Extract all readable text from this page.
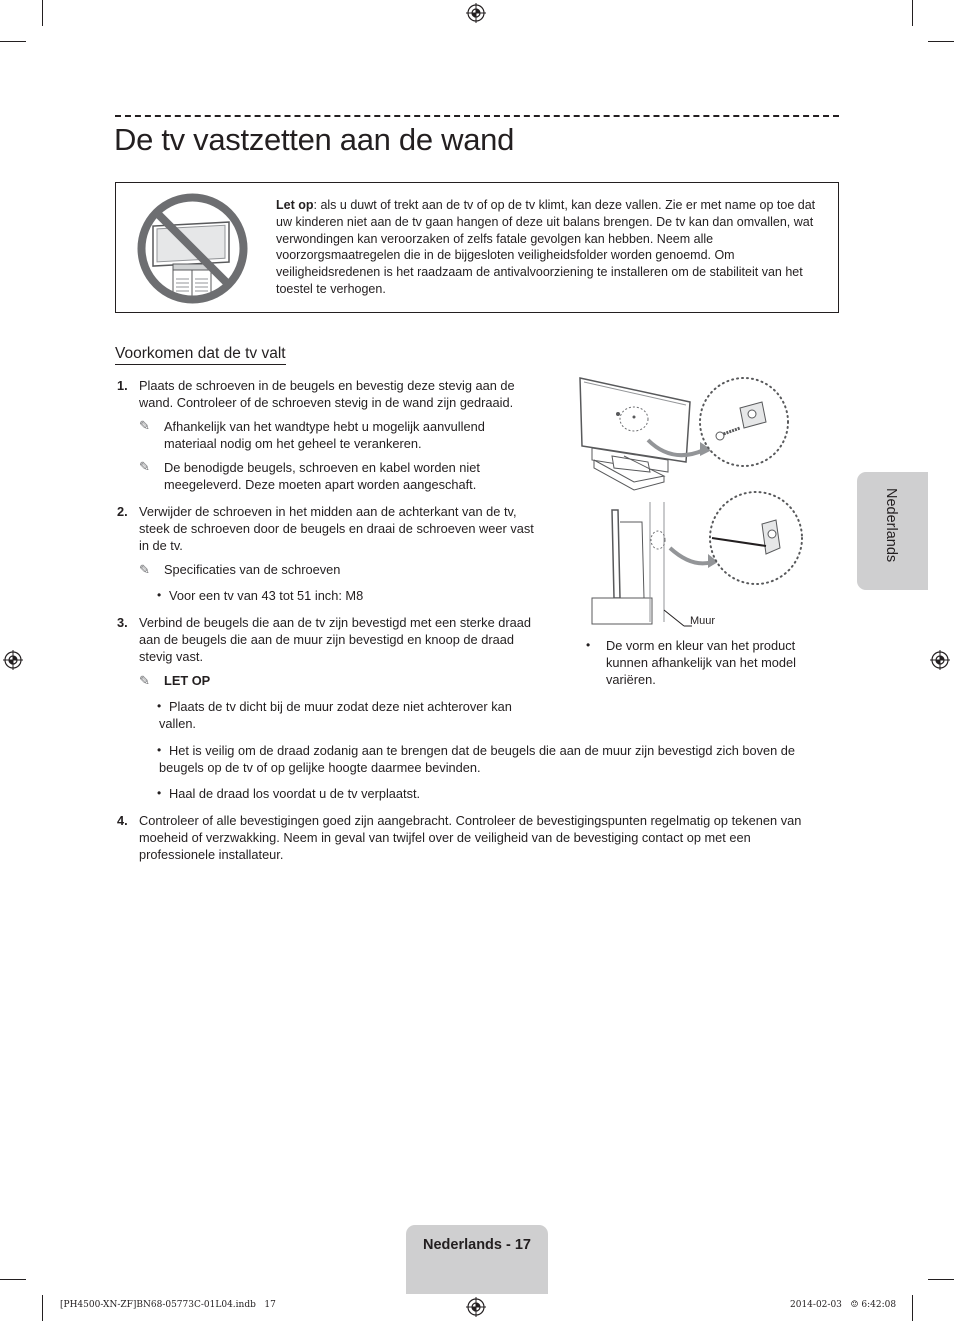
De tv vastzetten aan de wand
Let op: als u duwt of trekt aan de tv of op de tv klimt, kan deze vallen. Zie er met name op toe dat uw kinderen niet aan de tv gaan hangen of deze uit balans brengen. De tv kan dan omvallen, wat verwondingen kan veroorzaken of zelfs fatale gevolgen kan hebben. Neem alle voorzorgsmaatregelen die in de bijgesloten veiligheidsfolder worden genoemd. Om veiligheidsredenen is het raadzaam de antivalvoorziening te installeren om de stabiliteit van het toestel te verhogen.
Voorkomen dat de tv valt
1. Plaats de schroeven in de beugels en bevestig deze stevig aan de wand. Controleer of de schroeven stevig in de wand zijn gedraaid.
✎ Afhankelijk van het wandtype hebt u mogelijk aanvullend materiaal nodig om het geheel te verankeren.
✎ De benodigde beugels, schroeven en kabel worden niet meegeleverd. Deze moeten apart worden aangeschaft.
2. Verwijder de schroeven in het midden aan de achterkant van de tv, steek de schroeven door de beugels en draai de schroeven weer vast in de tv.
✎ Specificaties van de schroeven
• Voor een tv van 43 tot 51 inch: M8
3. Verbind de beugels die aan de tv zijn bevestigd met een sterke draad aan de beugels die aan de muur zijn bevestigd en knoop de draad stevig vast.
✎ LET OP
• Plaats de tv dicht bij de muur zodat deze niet achterover kan vallen.
• Het is veilig om de draad zodanig aan te brengen dat de beugels die aan de muur zijn bevestigd zich boven de beugels op de tv of op gelijke hoogte daarmee bevinden.
• Haal de draad los voordat u de tv verplaatst.
4. Controleer of alle bevestigingen goed zijn aangebracht. Controleer de bevestigingspunten regelmatig op tekenen van moeheid of verzwakking. Neem in geval van twijfel over de veiligheid van de bevestiging contact op met een professionele installateur.
Muur
• De vorm en kleur van het product kunnen afhankelijk van het model variëren.
Nederlands
Nederlands - 17
[PH4500-XN-ZF]BN68-05773C-01L04.indb   17	2014-02-03   ☺ 6:42:08
